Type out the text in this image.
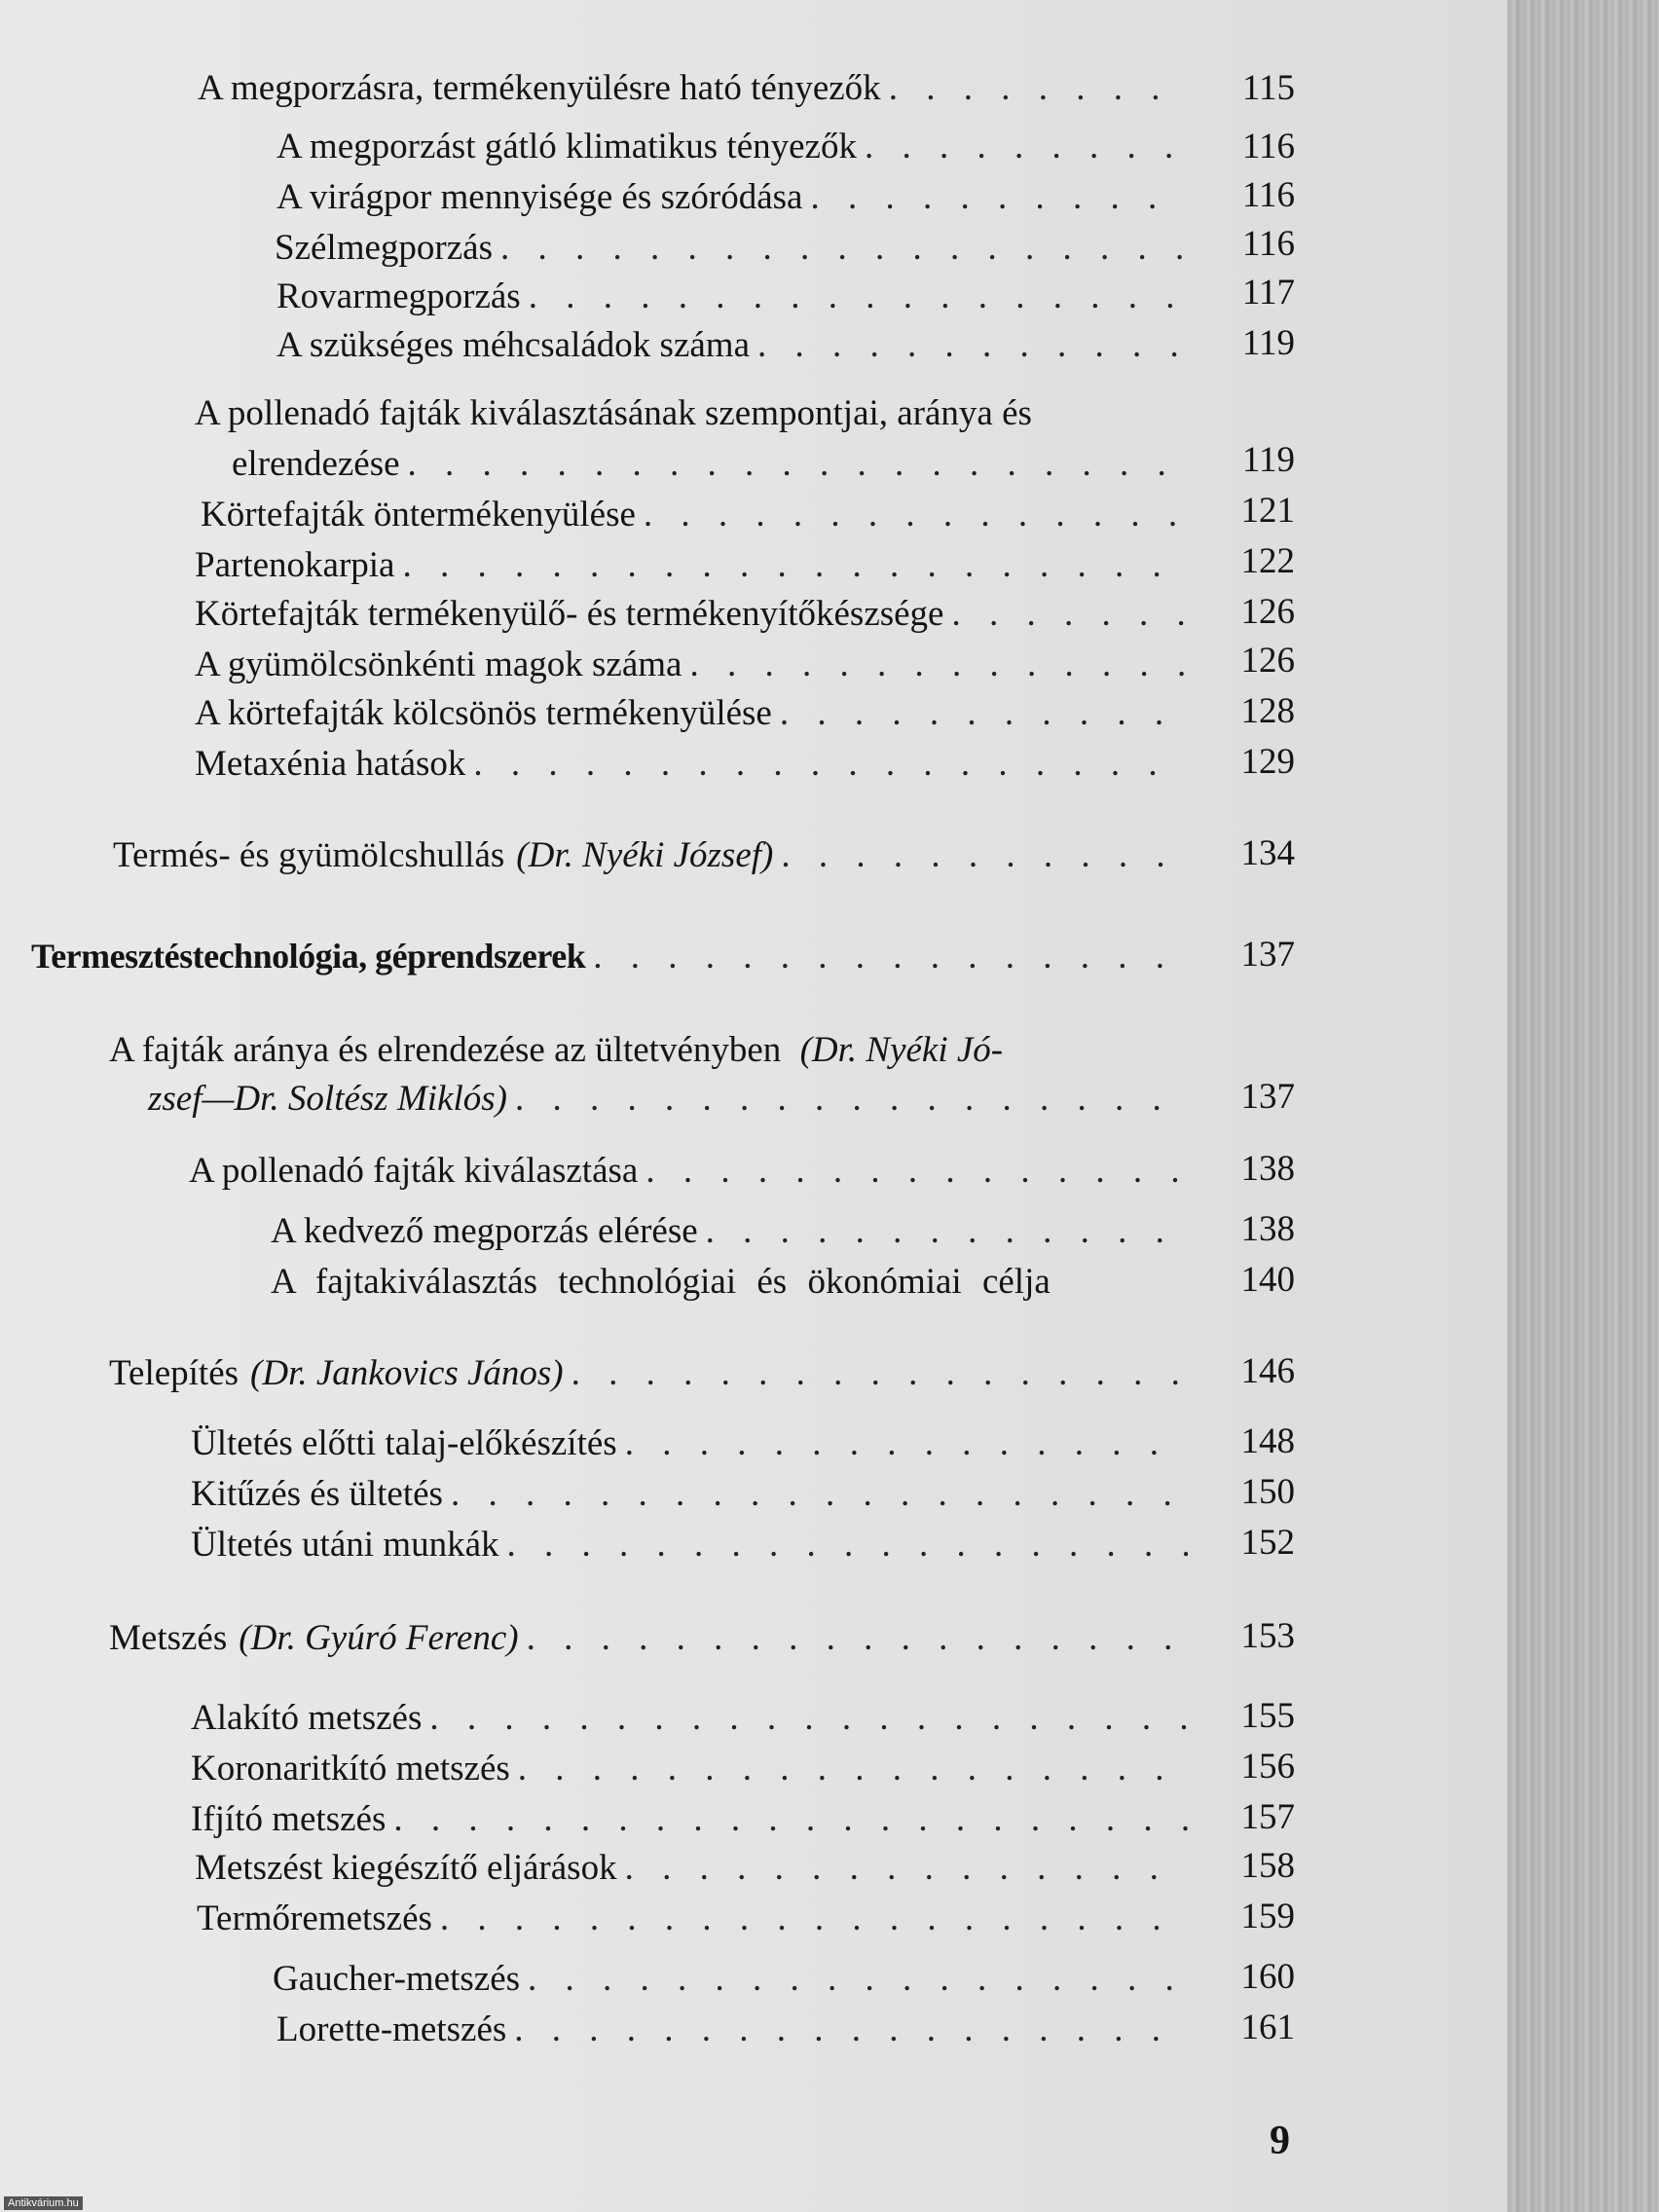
A megporzásra, termékenyülésre ható tényezők . . .	115
A megporzást gátló klimatikus tényezők . . .	116
A virágpor mennyisége és szóródása . . .	116
Szélmegporzás . . .	116
Rovarmegporzás . . .	117
A szükséges méhcsaládok száma . . .	119
A pollenadó fajták kiválasztásának szempontjai, aránya és
elrendezése . . .	119
Körtefajták öntermékenyülése . . .	121
Partenokarpia . . .	122
Körtefajták termékenyülő- és termékenyítőkészsége . . .	126
A gyümölcsönkénti magok száma . . .	126
A körtefajták kölcsönös termékenyülése . . .	128
Metaxénia hatások . . .	129
Termés- és gyümölcshullás (Dr. Nyéki József) . . .	134
Termesztéstechnológia, géprendszerek . . .	137
A fajták aránya és elrendezése az ültetvényben (Dr. Nyéki Jó-
zsef—Dr. Soltész Miklós) . . .	137
A pollenadó fajták kiválasztása . . .	138
A kedvező megporzás elérése . . .	138
A fajtakiválasztás technológiai és ökonómiai célja	140
Telepítés (Dr. Jankovics János) . . .	146
Ültetés előtti talaj-előkészítés . . .	148
Kitűzés és ültetés . . .	150
Ültetés utáni munkák . . .	152
Metszés (Dr. Gyúró Ferenc) . . .	153
Alakító metszés . . .	155
Koronaritkító metszés . . .	156
Ifjító metszés . . .	157
Metszést kiegészítő eljárások . . .	158
Termőremetszés . . .	159
Gaucher-metszés . . .	160
Lorette-metszés . . .	161
9
Antikvárium.hu
